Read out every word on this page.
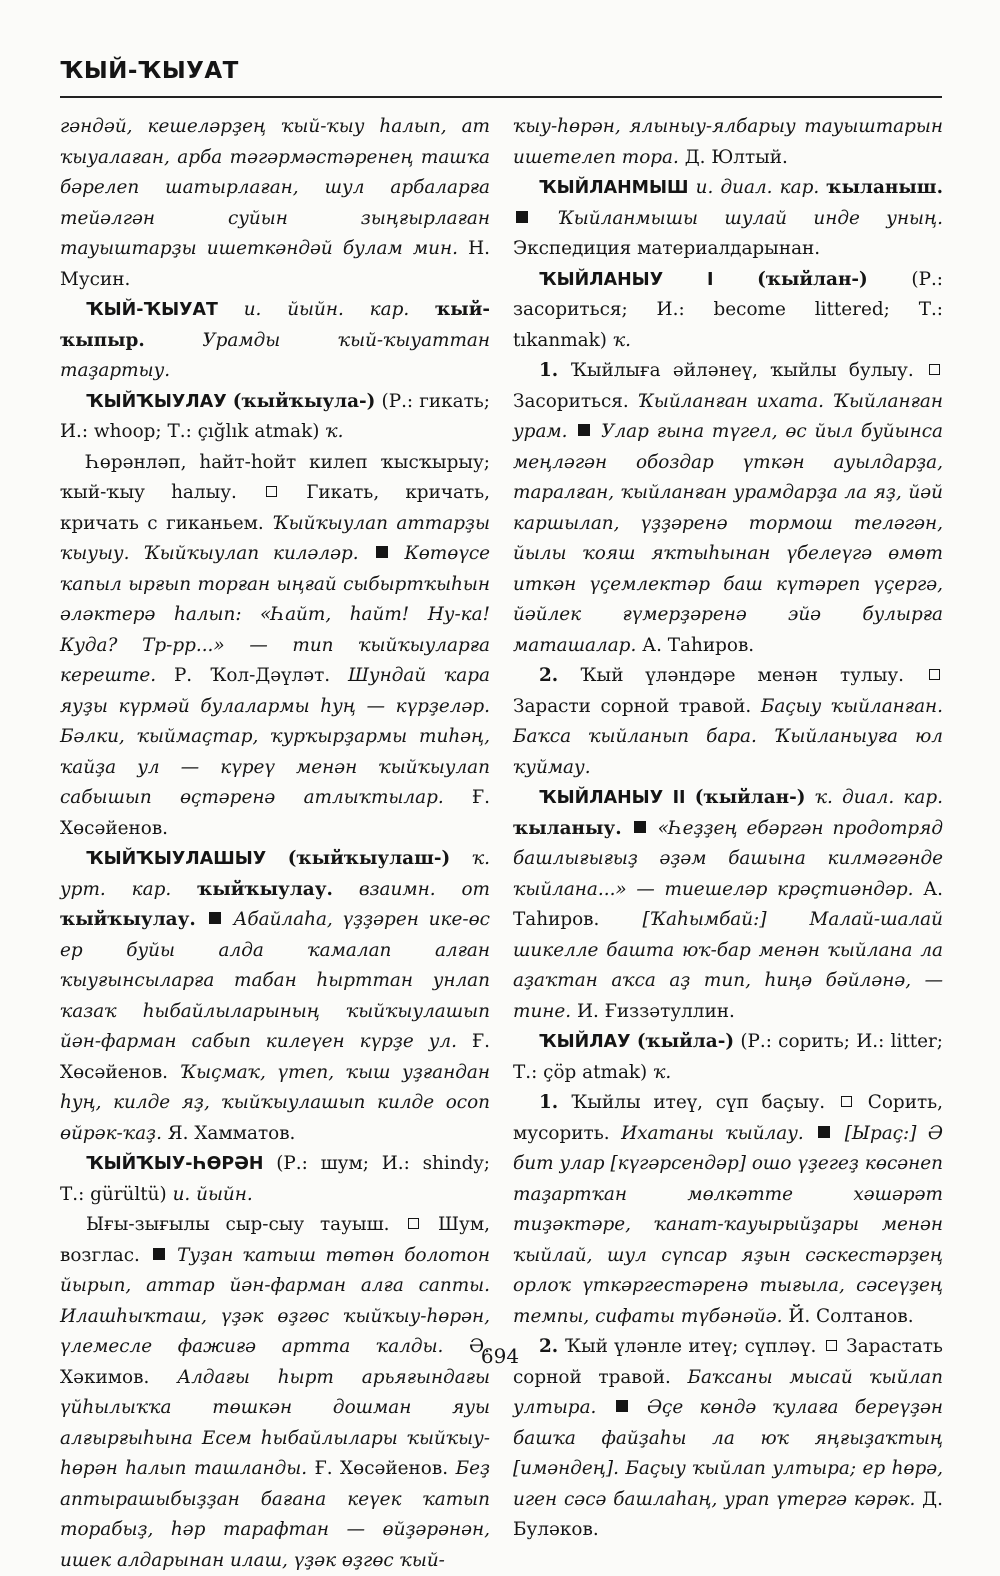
ҠЫЙ-ҠЫУАТ

гәндәй, кешеләрҙең ҡый-ҡыу һалып, ат ҡыуалаған, арба тәгәрмәстәренең ташҡа бәрелеп шатырлаған, шул арбаларға тейәлгән суйын зыңғырлаған тауыштарҙы ишеткәндәй булам мин. Н. Мусин.

ҠЫЙ-ҠЫУАТ и. йыйн. кар. ҡый-ҡыпыр.	Урамды ҡый-ҡыуаттан таҙартыу.

ҠЫЙҠЫУЛАУ (ҡыйҡыула-) (Р.: гикать; И.: whoop; Т.: çığlık atmak) ҡ.

Һөрәнләп, һайт-һойт килеп ҡысҡырыу; ҡый-ҡыу һалыу.	Гикать, кричать, кричать с гиканьем. Ҡыйҡыулап аттарҙы ҡыуыу. Ҡыйҡыулап киләләр. Көтөүсе ҡапыл ырғып торған ыңғай сыбыртҡыһын әләктерә һалып: «Һайт, һайт! Ну-ка! Куда? Тр-рр...» — тип ҡыйҡыуларға кереште. Р. Ҡол-Дәүләт. Шундай ҡара яуҙы күрмәй булалармы һуң — күрҙеләр. Бәлки, ҡыймаҫтар, ҡурҡырҙармы тиһәң, ҡайҙа ул — күреү менән ҡыйҡыулап сабышып өҫтәренә атлыҡтылар. Ғ. Хөсәйенов.

ҠЫЙҠЫУЛАШЫУ (ҡыйҡыулаш-) ҡ. урт. кар. ҡыйҡыулау. взаимн. от ҡыйҡыулау. Абайлаһа, үҙҙәрен ике-өс ер буйы алда ҡамалап алған ҡыуғынсыларға табан һырттан унлап ҡазаҡ һыбайлыларының ҡыйҡыулашып йән-фарман сабып килеүен күрҙе ул. Ғ. Хөсәйенов. Ҡыҫмаҡ, үтеп, ҡыш уҙғандан һуң, килде яҙ, ҡыйҡыулашып килде осоп өйрәк-ҡаҙ. Я. Хамматов.

ҠЫЙҠЫУ-ҺӨРӘН (Р.: шум; И.: shindy; Т.: gürültü) и. йыйн.

Ығы-зығылы сыр-сыу тауыш.	Шум, возглас. Туҙан ҡатыш төтөн болотон йырып, аттар йән-фарман алға сапты. Илашһыҡташ, үҙәк өҙгөс ҡыйҡыу-һөрән, үлемесле фажиғә артта ҡалды. Ә. Хәкимов. Алдағы һырт арьяғындағы үйһылыҡҡа төшкән дошман яуы алғырғыһына Есем һыбайлылары ҡыйҡыу-һөрән һалып ташланды. Ғ. Хөсәйенов. Беҙ аптырашыбыҙҙан бағана кеүек ҡатып торабыҙ, һәр тарафтан — өйҙәрәнән, ишек алдарынан илаш, үҙәк өҙгөс ҡый-

ҡыу-һөрән, ялыныу-ялбарыу тауыштарын ишетелеп тора. Д. Юлтый.

ҠЫЙЛАНМЫШ и. диал. кар. ҡыланыш.  Ҡыйланмышы шулай инде уның. Экспедиция материалдарынан.

ҠЫЙЛАНЫУ I (ҡыйлан-) (Р.: засориться; И.: become littered; Т.: tıkanmak) ҡ.

1. Ҡыйлыға әйләнеү, ҡыйлы булыу.  Засориться. Ҡыйланған ихата. Ҡыйланған урам. Улар ғына түгел, өс йыл буйынса меңләгән обоздар үткән ауылдарҙа, таралған, ҡыйланған урамдарҙа ла яҙ, йәй каршылап, үҙҙәренә тормош теләгән, йылы ҡояш яҡтыһынан үбелеүгә өмөт иткән үҫемлектәр баш күтәреп үҫергә, йәйлек ғүмерҙәренә эйә булырға маташалар. А. Таһиров.

2. Ҡый үләндәре менән тулыу.  Зарасти сорной травой. Баҫыу ҡыйланған. Баҡса ҡыйланып бара. Ҡыйланыуға юл ҡуймау.

ҠЫЙЛАНЫУ II (ҡыйлан-) ҡ. диал. кар. ҡыланыу. «Һеҙҙең ебәргән продотряд башлығығыҙ әҙәм башына килмәгәнде ҡыйлана...» — тиешеләр крәҫтиәндәр. А. Таһиров. [Ҡаһымбай:] Малай-шалай шикелле башта юҡ-бар менән ҡыйлана ла аҙаҡтан аҡса аҙ тип, һиңә бәйләнә, — тине. И. Ғиззәтуллин.

ҠЫЙЛАУ (ҡыйла-) (Р.: сорить; И.: litter; Т.: çöp atmak) ҡ.

1. Ҡыйлы итеү, сүп баҫыу. Сорить, мусорить. Ихатаны ҡыйлау. [Ыраҫ:] Ә бит улар [күгәрсендәр] ошо үҙегеҙ көсәнеп таҙартҡан мөлкәтте хәшәрәт тиҙәктәре, ҡанат-ҡауырыйҙары менән ҡыйлай, шул сүпсар яҙын сәскестәрҙең орлоҡ үткәргестәренә тығыла, сәсеүҙең темпы, сифаты түбәнәйә. Й. Солтанов.

2. Ҡый үләнле итеү; сүпләү. Зарастать сорной травой. Баҡсаны мысай ҡыйлап ултыра.	Әҫе көндә ҡулаға береүҙән башҡа файҙаһы ла юҡ яңғыҙаҡтың [имәндең]. Баҫыу ҡыйлап ултыра; ер һөрә, иген сәсә башлаһаң, урап үтергә кәрәк. Д. Буләков.

694
